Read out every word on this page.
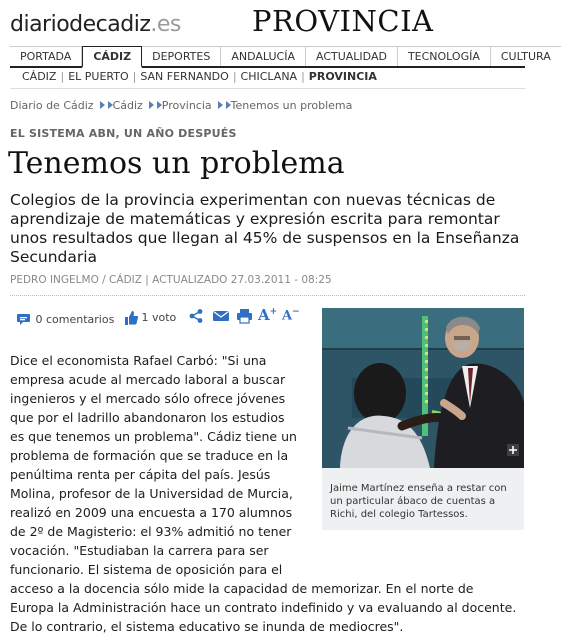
diariodecadiz.es PROVINCIA
PORTADA	CÁDIZ	DEPORTES	ANDALUCÍA	ACTUALIDAD	TECNOLOGÍA	CULTURA
CÁDIZ | EL PUERTO | SAN FERNANDO | CHICLANA | PROVINCIA
Diario de Cádiz Cádiz Provincia Tenemos un problema
EL SISTEMA ABN, UN AÑO DESPUÉS
Tenemos un problema
Colegios de la provincia experimentan con nuevas técnicas de
aprendizaje de matemáticas y expresión escrita para remontar
unos resultados que llegan al 45% de suspensos en la Enseñanza
Secundaria
PEDRO INGELMO / CÁDIZ | ACTUALIZADO 27.03.2011 - 08:25
0 comentarios	1 voto	A+ A−
Jaime Martínez enseña a restar con
un particular ábaco de cuentas a
Richi, del colegio Tartessos.
Dice el economista Rafael Carbó: "Si una
empresa acude al mercado laboral a buscar
ingenieros y el mercado sólo ofrece jóvenes
que por el ladrillo abandonaron los estudios
es que tenemos un problema". Cádiz tiene un
problema de formación que se traduce en la
penúltima renta per cápita del país. Jesús
Molina, profesor de la Universidad de Murcia,
realizó en 2009 una encuesta a 170 alumnos
de 2º de Magisterio: el 93% admitió no tener
vocación. "Estudiaban la carrera para ser
funcionario. El sistema de oposición para el
acceso a la docencia sólo mide la capacidad de memorizar. En el norte de
Europa la Administración hace un contrato indefinido y va evaluando al docente.
De lo contrario, el sistema educativo se inunda de mediocres".
